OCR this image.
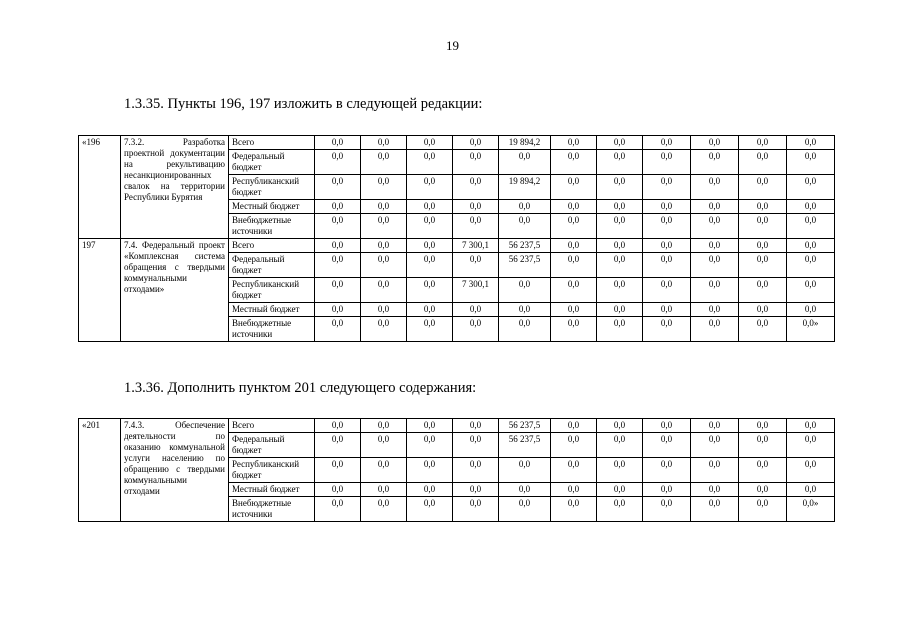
19
1.3.35. Пункты 196, 197 изложить в следующей редакции:
«196	7.3.2. Разработка проектной документации на рекультивацию несанкционированных свалок на территории Республики Бурятия	Всего	0,0	0,0	0,0	0,0	19 894,2	0,0	0,0	0,0	0,0	0,0	0,0
		Федеральный бюджет	0,0	0,0	0,0	0,0	0,0	0,0	0,0	0,0	0,0	0,0	0,0
		Республиканский бюджет	0,0	0,0	0,0	0,0	19 894,2	0,0	0,0	0,0	0,0	0,0	0,0
		Местный бюджет	0,0	0,0	0,0	0,0	0,0	0,0	0,0	0,0	0,0	0,0	0,0
		Внебюджетные источники	0,0	0,0	0,0	0,0	0,0	0,0	0,0	0,0	0,0	0,0	0,0
197	7.4. Федеральный проект «Комплексная система обращения с твердыми коммунальными отходами»	Всего	0,0	0,0	0,0	7 300,1	56 237,5	0,0	0,0	0,0	0,0	0,0	0,0
		Федеральный бюджет	0,0	0,0	0,0	0,0	56 237,5	0,0	0,0	0,0	0,0	0,0	0,0
		Республиканский бюджет	0,0	0,0	0,0	7 300,1	0,0	0,0	0,0	0,0	0,0	0,0	0,0
		Местный бюджет	0,0	0,0	0,0	0,0	0,0	0,0	0,0	0,0	0,0	0,0	0,0
		Внебюджетные источники	0,0	0,0	0,0	0,0	0,0	0,0	0,0	0,0	0,0	0,0	0,0»
1.3.36. Дополнить пунктом 201 следующего содержания:
«201	7.4.3. Обеспечение деятельности по оказанию коммунальной услуги населению по обращению с твердыми коммунальными отходами	Всего	0,0	0,0	0,0	0,0	56 237,5	0,0	0,0	0,0	0,0	0,0	0,0
		Федеральный бюджет	0,0	0,0	0,0	0,0	56 237,5	0,0	0,0	0,0	0,0	0,0	0,0
		Республиканский бюджет	0,0	0,0	0,0	0,0	0,0	0,0	0,0	0,0	0,0	0,0	0,0
		Местный бюджет	0,0	0,0	0,0	0,0	0,0	0,0	0,0	0,0	0,0	0,0	0,0
		Внебюджетные источники	0,0	0,0	0,0	0,0	0,0	0,0	0,0	0,0	0,0	0,0	0,0»
